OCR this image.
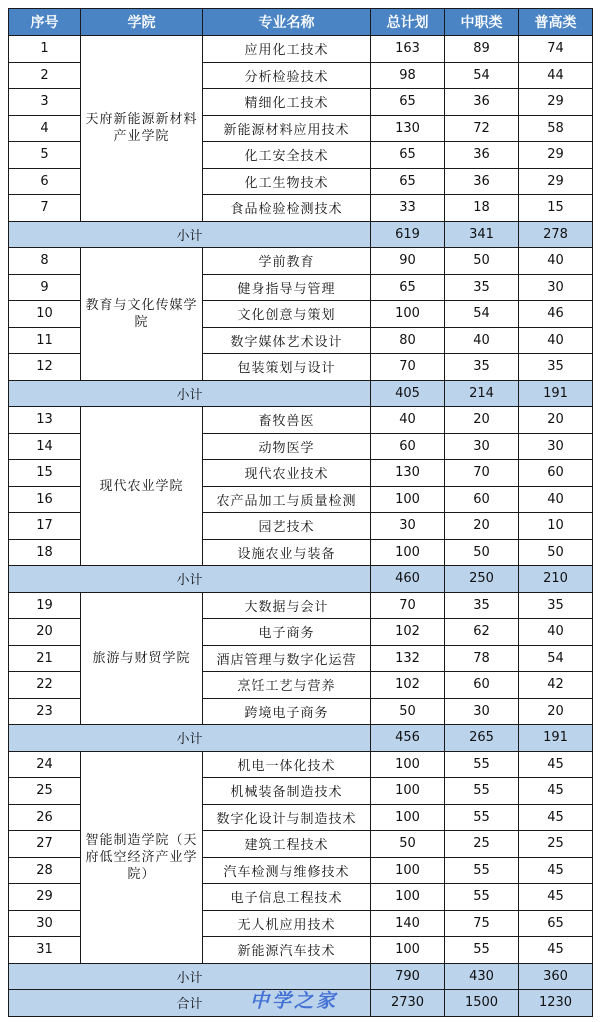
序号	学院	专业名称	总计划	中职类	普高类
1	天府新能源新材料产业学院	应用化工技术	163	89	74
2		分析检验技术	98	54	44
3		精细化工技术	65	36	29
4		新能源材料应用技术	130	72	58
5		化工安全技术	65	36	29
6		化工生物技术	65	36	29
7		食品检验检测技术	33	18	15
小计			619	341	278
8	教育与文化传媒学院	学前教育	90	50	40
9		健身指导与管理	65	35	30
10		文化创意与策划	100	54	46
11		数字媒体艺术设计	80	40	40
12		包装策划与设计	70	35	35
小计			405	214	191
13	现代农业学院	畜牧兽医	40	20	20
14		动物医学	60	30	30
15		现代农业技术	130	70	60
16		农产品加工与质量检测	100	60	40
17		园艺技术	30	20	10
18		设施农业与装备	100	50	50
小计			460	250	210
19	旅游与财贸学院	大数据与会计	70	35	35
20		电子商务	102	62	40
21		酒店管理与数字化运营	132	78	54
22		烹饪工艺与营养	102	60	42
23		跨境电子商务	50	30	20
小计			456	265	191
24	智能制造学院（天府低空经济产业学院）	机电一体化技术	100	55	45
25		机械装备制造技术	100	55	45
26		数字化设计与制造技术	100	55	45
27		建筑工程技术	50	25	25
28		汽车检测与维修技术	100	55	45
29		电子信息工程技术	100	55	45
30		无人机应用技术	140	75	65
31		新能源汽车技术	100	55	45
小计			790	430	360
合计			2730	1500	1230
中学之家
